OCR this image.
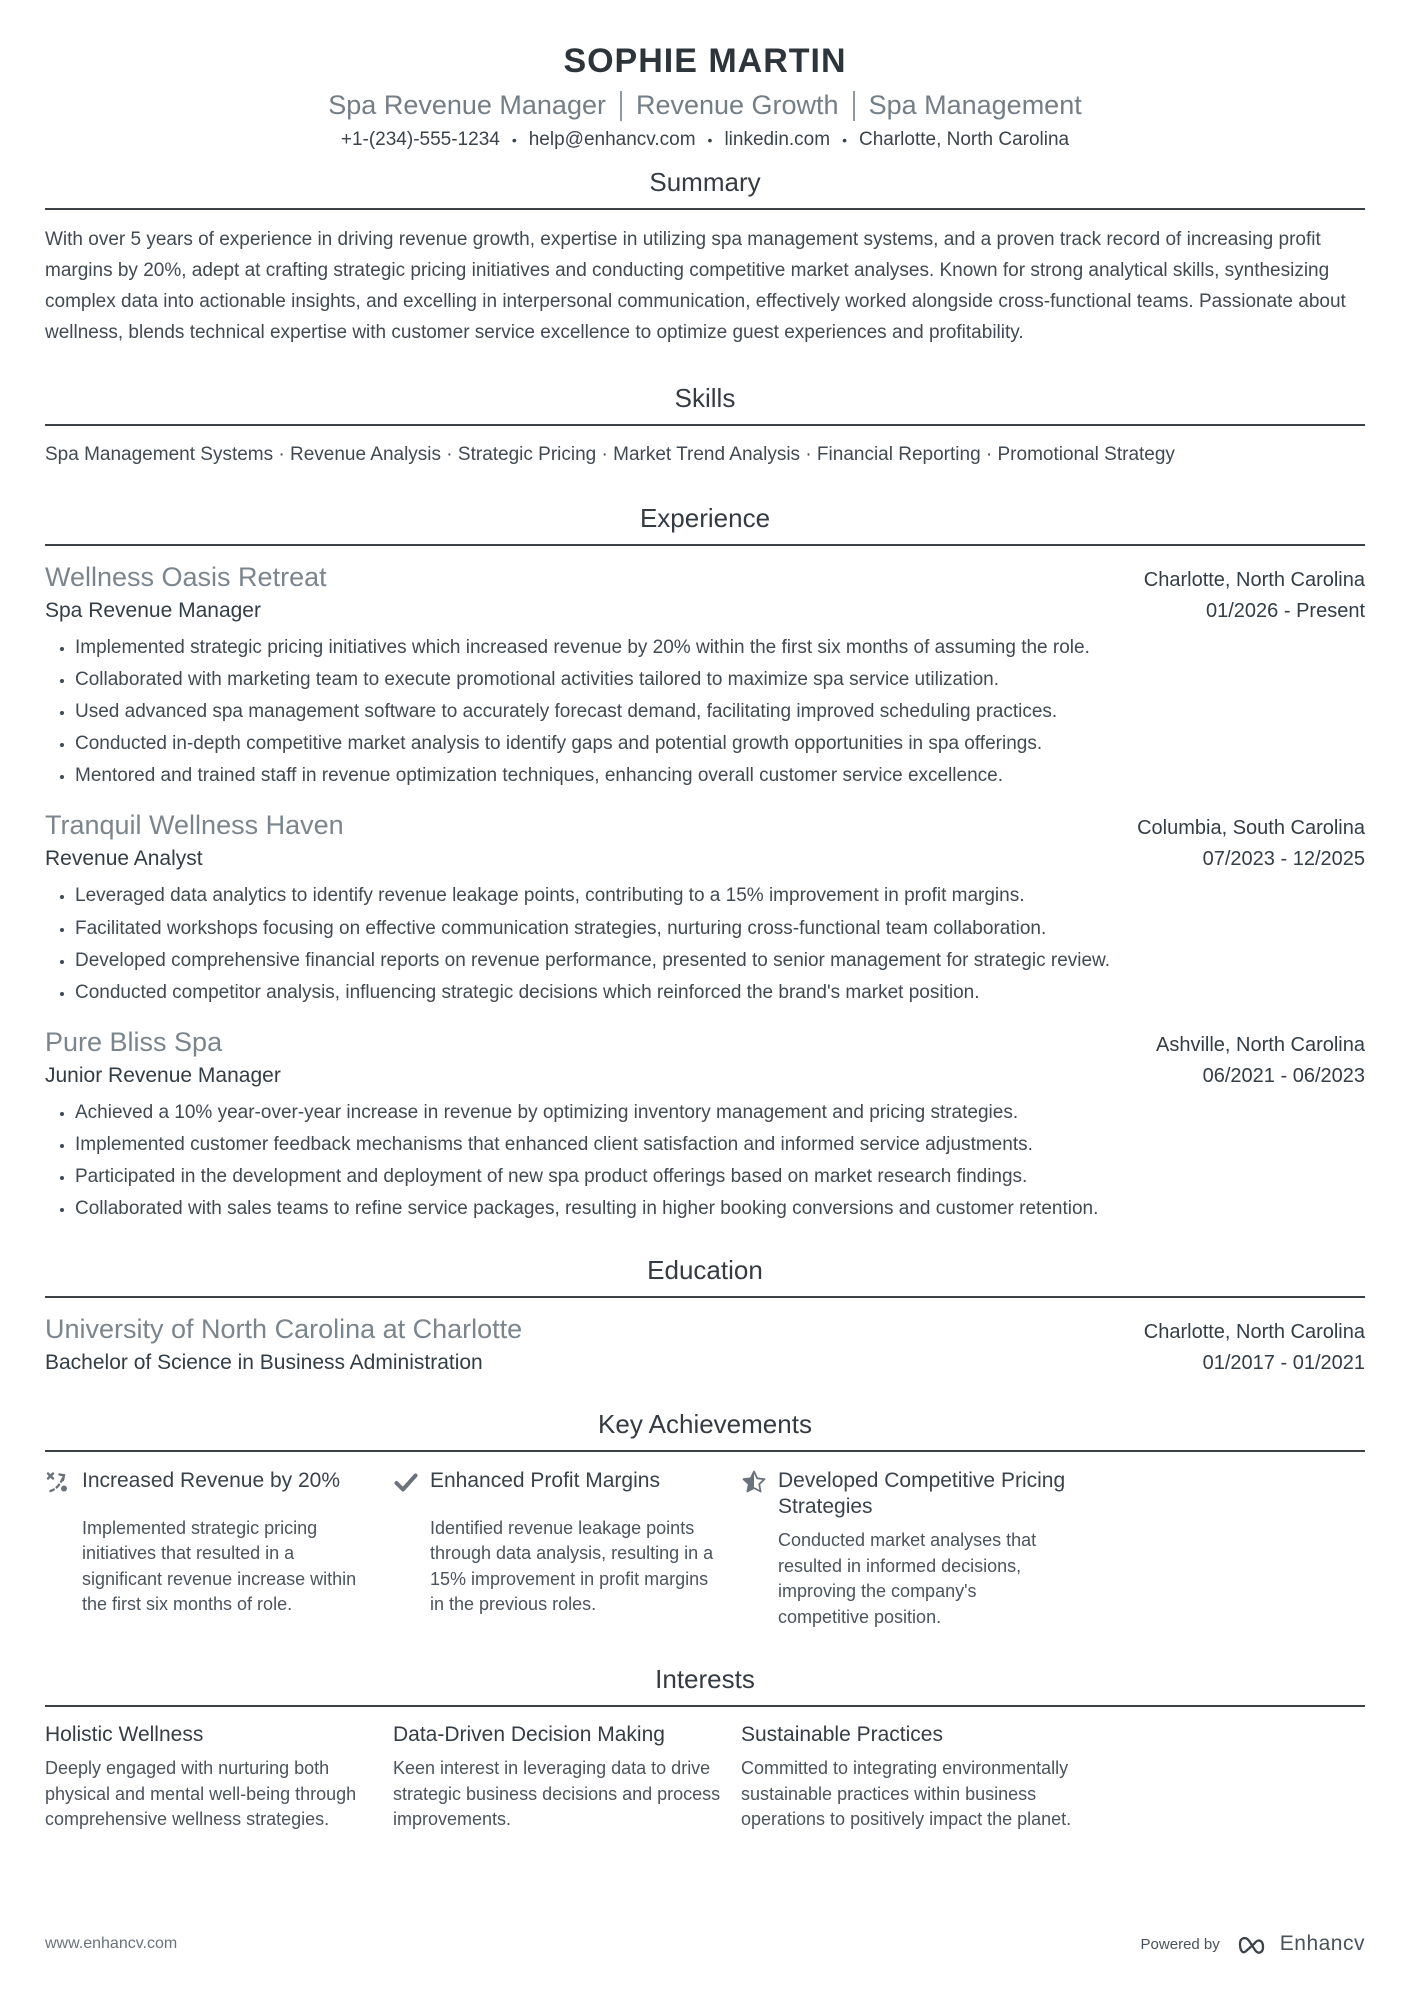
SOPHIE MARTIN
Spa Revenue Manager Revenue Growth Spa Management
+1-(234)-555-1234 • help@enhancv.com • linkedin.com • Charlotte, North Carolina
Summary
With over 5 years of experience in driving revenue growth, expertise in utilizing spa management systems, and a proven track record of increasing profit margins by 20%, adept at crafting strategic pricing initiatives and conducting competitive market analyses. Known for strong analytical skills, synthesizing complex data into actionable insights, and excelling in interpersonal communication, effectively worked alongside cross-functional teams. Passionate about wellness, blends technical expertise with customer service excellence to optimize guest experiences and profitability.
Skills
Spa Management Systems · Revenue Analysis · Strategic Pricing · Market Trend Analysis · Financial Reporting · Promotional Strategy
Experience
Wellness Oasis Retreat	Charlotte, North Carolina
Spa Revenue Manager	01/2026 - Present
• Implemented strategic pricing initiatives which increased revenue by 20% within the first six months of assuming the role.
• Collaborated with marketing team to execute promotional activities tailored to maximize spa service utilization.
• Used advanced spa management software to accurately forecast demand, facilitating improved scheduling practices.
• Conducted in-depth competitive market analysis to identify gaps and potential growth opportunities in spa offerings.
• Mentored and trained staff in revenue optimization techniques, enhancing overall customer service excellence.
Tranquil Wellness Haven	Columbia, South Carolina
Revenue Analyst	07/2023 - 12/2025
• Leveraged data analytics to identify revenue leakage points, contributing to a 15% improvement in profit margins.
• Facilitated workshops focusing on effective communication strategies, nurturing cross-functional team collaboration.
• Developed comprehensive financial reports on revenue performance, presented to senior management for strategic review.
• Conducted competitor analysis, influencing strategic decisions which reinforced the brand's market position.
Pure Bliss Spa	Ashville, North Carolina
Junior Revenue Manager	06/2021 - 06/2023
• Achieved a 10% year-over-year increase in revenue by optimizing inventory management and pricing strategies.
• Implemented customer feedback mechanisms that enhanced client satisfaction and informed service adjustments.
• Participated in the development and deployment of new spa product offerings based on market research findings.
• Collaborated with sales teams to refine service packages, resulting in higher booking conversions and customer retention.
Education
University of North Carolina at Charlotte	Charlotte, North Carolina
Bachelor of Science in Business Administration	01/2017 - 01/2021
Key Achievements
Increased Revenue by 20%
Implemented strategic pricing initiatives that resulted in a significant revenue increase within the first six months of role.
Enhanced Profit Margins
Identified revenue leakage points through data analysis, resulting in a 15% improvement in profit margins in the previous roles.
Developed Competitive Pricing Strategies
Conducted market analyses that resulted in informed decisions, improving the company's competitive position.
Interests
Holistic Wellness
Deeply engaged with nurturing both physical and mental well-being through comprehensive wellness strategies.
Data-Driven Decision Making
Keen interest in leveraging data to drive strategic business decisions and process improvements.
Sustainable Practices
Committed to integrating environmentally sustainable practices within business operations to positively impact the planet.
www.enhancv.com	Powered by	Enhancv
